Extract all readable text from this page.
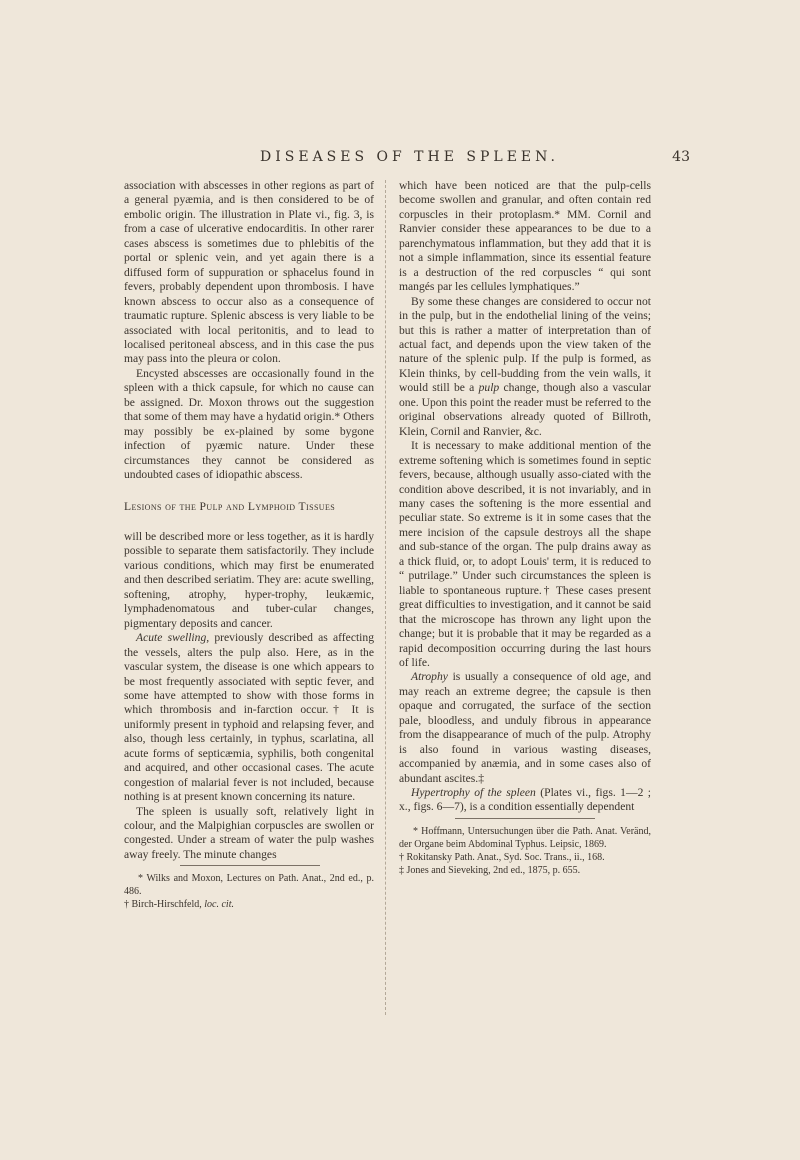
DISEASES OF THE SPLEEN.	43

association with abscesses in other regions as part of a general pyæmia, and is then considered to be of embolic origin. The illustration in Plate vi., fig. 3, is from a case of ulcerative endocarditis. In other rarer cases abscess is sometimes due to phlebitis of the portal or splenic vein, and yet again there is a diffused form of suppuration or sphacelus found in fevers, probably dependent upon thrombosis. I have known abscess to occur also as a consequence of traumatic rupture. Splenic abscess is very liable to be associated with local peritonitis, and to lead to localised peritoneal abscess, and in this case the pus may pass into the pleura or colon.

Encysted abscesses are occasionally found in the spleen with a thick capsule, for which no cause can be assigned. Dr. Moxon throws out the suggestion that some of them may have a hydatid origin.* Others may possibly be ex-plained by some bygone infection of pyæmic nature. Under these circumstances they cannot be considered as undoubted cases of idiopathic abscess.

Lesions of the Pulp and Lymphoid Tissues

will be described more or less together, as it is hardly possible to separate them satisfactorily. They include various conditions, which may first be enumerated and then described seriatim. They are: acute swelling, softening, atrophy, hyper-trophy, leukæmic, lymphadenomatous and tuber-cular changes, pigmentary deposits and cancer.

Acute swelling, previously described as affecting the vessels, alters the pulp also. Here, as in the vascular system, the disease is one which appears to be most frequently associated with septic fever, and some have attempted to show with those forms in which thrombosis and in-farction occur.† It is uniformly present in typhoid and relapsing fever, and also, though less certainly, in typhus, scarlatina, all acute forms of septicæmia, syphilis, both congenital and acquired, and other occasional cases. The acute congestion of malarial fever is not included, because nothing is at present known concerning its nature.

The spleen is usually soft, relatively light in colour, and the Malpighian corpuscles are swollen or congested. Under a stream of water the pulp washes away freely. The minute changes

* Wilks and Moxon, Lectures on Path. Anat., 2nd ed., p. 486.

† Birch-Hirschfeld, loc. cit.

which have been noticed are that the pulp-cells become swollen and granular, and often contain red corpuscles in their protoplasm.* MM. Cornil and Ranvier consider these appearances to be due to a parenchymatous inflammation, but they add that it is not a simple inflammation, since its essential feature is a destruction of the red corpuscles “ qui sont mangés par les cellules lymphatiques.”

By some these changes are considered to occur not in the pulp, but in the endothelial lining of the veins; but this is rather a matter of interpretation than of actual fact, and depends upon the view taken of the nature of the splenic pulp. If the pulp is formed, as Klein thinks, by cell-budding from the vein walls, it would still be a pulp change, though also a vascular one. Upon this point the reader must be referred to the original observations already quoted of Billroth, Klein, Cornil and Ranvier, &c.

It is necessary to make additional mention of the extreme softening which is sometimes found in septic fevers, because, although usually asso-ciated with the condition above described, it is not invariably, and in many cases the softening is the more essential and peculiar state. So extreme is it in some cases that the mere incision of the capsule destroys all the shape and sub-stance of the organ. The pulp drains away as a thick fluid, or, to adopt Louis' term, it is reduced to “ putrilage.” Under such circumstances the spleen is liable to spontaneous rupture.† These cases present great difficulties to investigation, and it cannot be said that the microscope has thrown any light upon the change; but it is probable that it may be regarded as a rapid decomposition occurring during the last hours of life.

Atrophy is usually a consequence of old age, and may reach an extreme degree; the capsule is then opaque and corrugated, the surface of the section pale, bloodless, and unduly fibrous in appearance from the disappearance of much of the pulp. Atrophy is also found in various wasting diseases, accompanied by anæmia, and in some cases also of abundant ascites.‡

Hypertrophy of the spleen (Plates vi., figs. 1—2 ; x., figs. 6—7), is a condition essentially dependent

* Hoffmann, Untersuchungen über die Path. Anat. Veränd, der Organe beim Abdominal Typhus. Leipsic, 1869.

† Rokitansky Path. Anat., Syd. Soc. Trans., ii., 168.

‡ Jones and Sieveking, 2nd ed., 1875, p. 655.
